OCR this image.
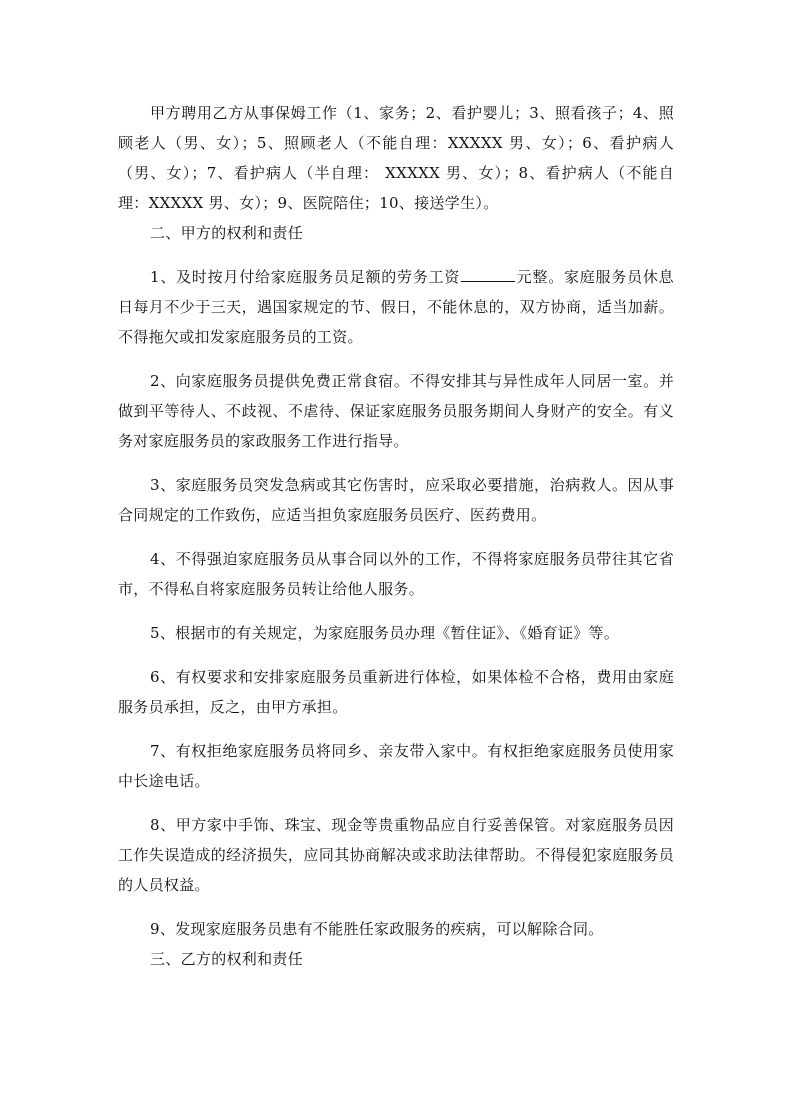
甲方聘用乙方从事保姆工作（1、家务；2、看护婴儿；3、照看孩子；4、照顾老人（男、女）；5、照顾老人（不能自理：XXXXX 男、女）；6、看护病人（男、女）；7、看护病人（半自理： XXXXX 男、女）；8、看护病人（不能自理：XXXXX 男、女）；9、医院陪住；10、接送学生）。

二、甲方的权利和责任

1、及时按月付给家庭服务员足额的劳务工资	元整。家庭服务员休息日每月不少于三天，遇国家规定的节、假日，不能休息的，双方协商，适当加薪。不得拖欠或扣发家庭服务员的工资。

2、向家庭服务员提供免费正常食宿。不得安排其与异性成年人同居一室。并做到平等待人、不歧视、不虐待、保证家庭服务员服务期间人身财产的安全。有义务对家庭服务员的家政服务工作进行指导。

3、家庭服务员突发急病或其它伤害时，应采取必要措施，治病救人。因从事合同规定的工作致伤，应适当担负家庭服务员医疗、医药费用。

4、不得强迫家庭服务员从事合同以外的工作，不得将家庭服务员带往其它省市，不得私自将家庭服务员转让给他人服务。

5、根据市的有关规定，为家庭服务员办理《暂住证》、《婚育证》等。

6、有权要求和安排家庭服务员重新进行体检，如果体检不合格，费用由家庭服务员承担，反之，由甲方承担。

7、有权拒绝家庭服务员将同乡、亲友带入家中。有权拒绝家庭服务员使用家中长途电话。

8、甲方家中手饰、珠宝、现金等贵重物品应自行妥善保管。对家庭服务员因工作失误造成的经济损失，应同其协商解决或求助法律帮助。不得侵犯家庭服务员的人员权益。

9、发现家庭服务员患有不能胜任家政服务的疾病，可以解除合同。

三、乙方的权利和责任
